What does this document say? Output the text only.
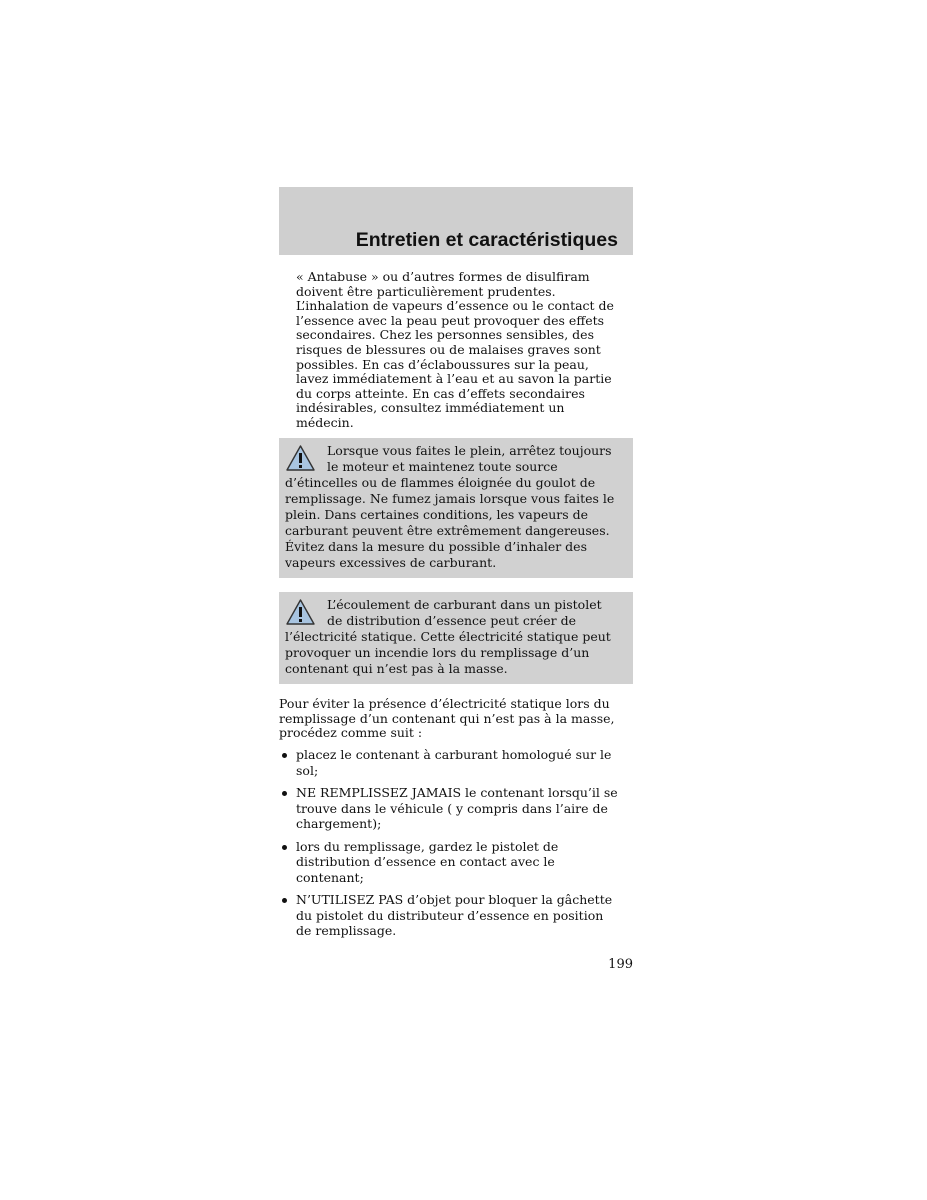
Entretien et caractéristiques

« Antabuse » ou d’autres formes de disulfiram
doivent être particulièrement prudentes.
L’inhalation de vapeurs d’essence ou le contact de
l’essence avec la peau peut provoquer des effets
secondaires. Chez les personnes sensibles, des
risques de blessures ou de malaises graves sont
possibles. En cas d’éclaboussures sur la peau,
lavez immédiatement à l’eau et au savon la partie
du corps atteinte. En cas d’effets secondaires
indésirables, consultez immédiatement un
médecin.

Lorsque vous faites le plein, arrêtez toujours
le moteur et maintenez toute source
d’étincelles ou de flammes éloignée du goulot de
remplissage. Ne fumez jamais lorsque vous faites le
plein. Dans certaines conditions, les vapeurs de
carburant peuvent être extrêmement dangereuses.
Évitez dans la mesure du possible d’inhaler des
vapeurs excessives de carburant.

L’écoulement de carburant dans un pistolet
de distribution d’essence peut créer de
l’électricité statique. Cette électricité statique peut
provoquer un incendie lors du remplissage d’un
contenant qui n’est pas à la masse.

Pour éviter la présence d’électricité statique lors du
remplissage d’un contenant qui n’est pas à la masse,
procédez comme suit :

placez le contenant à carburant homologué sur le
sol;
NE REMPLISSEZ JAMAIS le contenant lorsqu’il se
trouve dans le véhicule ( y compris dans l’aire de
chargement);
lors du remplissage, gardez le pistolet de
distribution d’essence en contact avec le
contenant;
N’UTILISEZ PAS d’objet pour bloquer la gâchette
du pistolet du distributeur d’essence en position
de remplissage.

199
